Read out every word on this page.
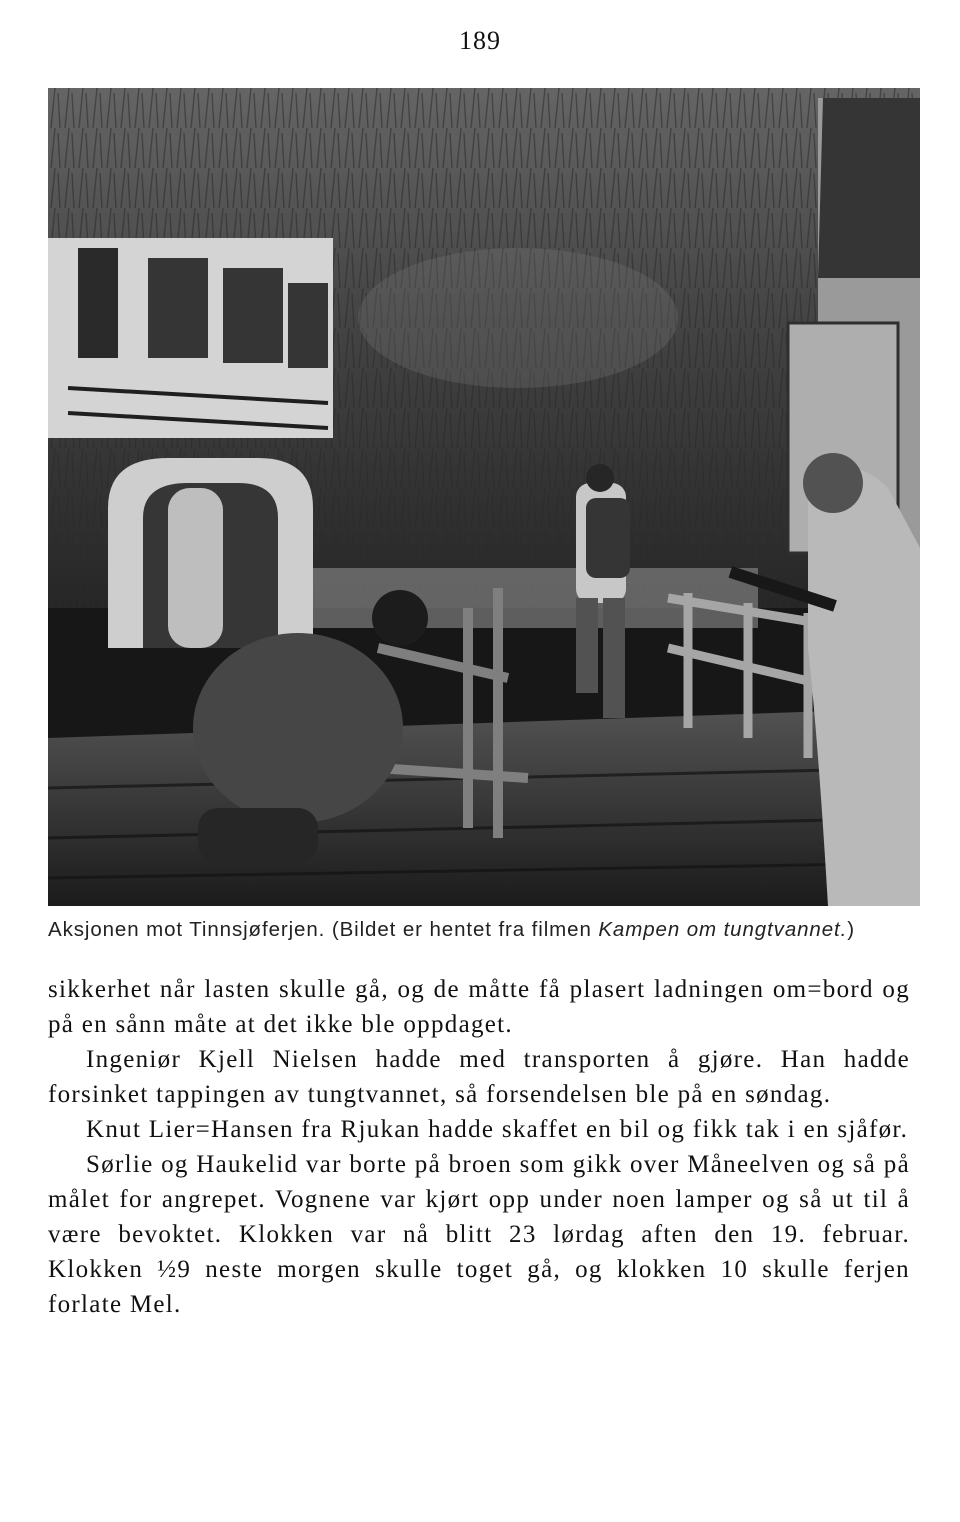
189
Aksjonen mot Tinnsjøferjen. (Bildet er hentet fra filmen Kampen om tungtvannet.)

sikkerhet når lasten skulle gå, og de måtte få plasert ladningen om=bord og på en sånn måte at det ikke ble oppdaget.

Ingeniør Kjell Nielsen hadde med transporten å gjøre. Han hadde forsinket tappingen av tungtvannet, så forsendelsen ble på en søndag.

Knut Lier=Hansen fra Rjukan hadde skaffet en bil og fikk tak i en sjåfør.

Sørlie og Haukelid var borte på broen som gikk over Måneelven og så på målet for angrepet. Vognene var kjørt opp under noen lamper og så ut til å være bevoktet. Klokken var nå blitt 23 lørdag aften den 19. februar. Klokken ½9 neste morgen skulle toget gå, og klokken 10 skulle ferjen forlate Mel.
